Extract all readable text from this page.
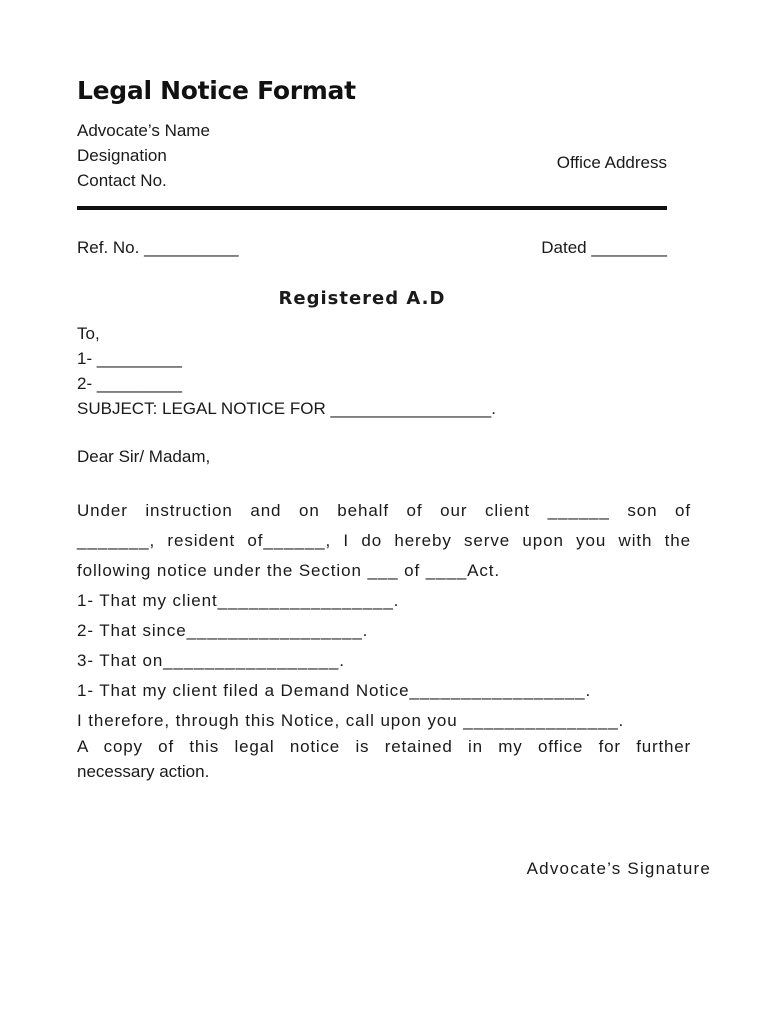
Legal Notice Format
Advocate’s Name
Designation
Contact No.
Office Address
Ref. No. __________	Dated ________
Registered A.D
To,
1- _________
2- _________
SUBJECT: LEGAL NOTICE FOR _________________.
Dear Sir/ Madam,
Under instruction and on behalf of our client ______ son of
_______, resident of______, I do hereby serve upon you with the
following notice under the Section ___ of ____Act.
1- That my client_________________.
2- That since_________________.
3- That on_________________.
1- That my client filed a Demand Notice_________________.
I therefore, through this Notice, call upon you _______________.
A copy of this legal notice is retained in my office for further
necessary action.
Advocate’s Signature
